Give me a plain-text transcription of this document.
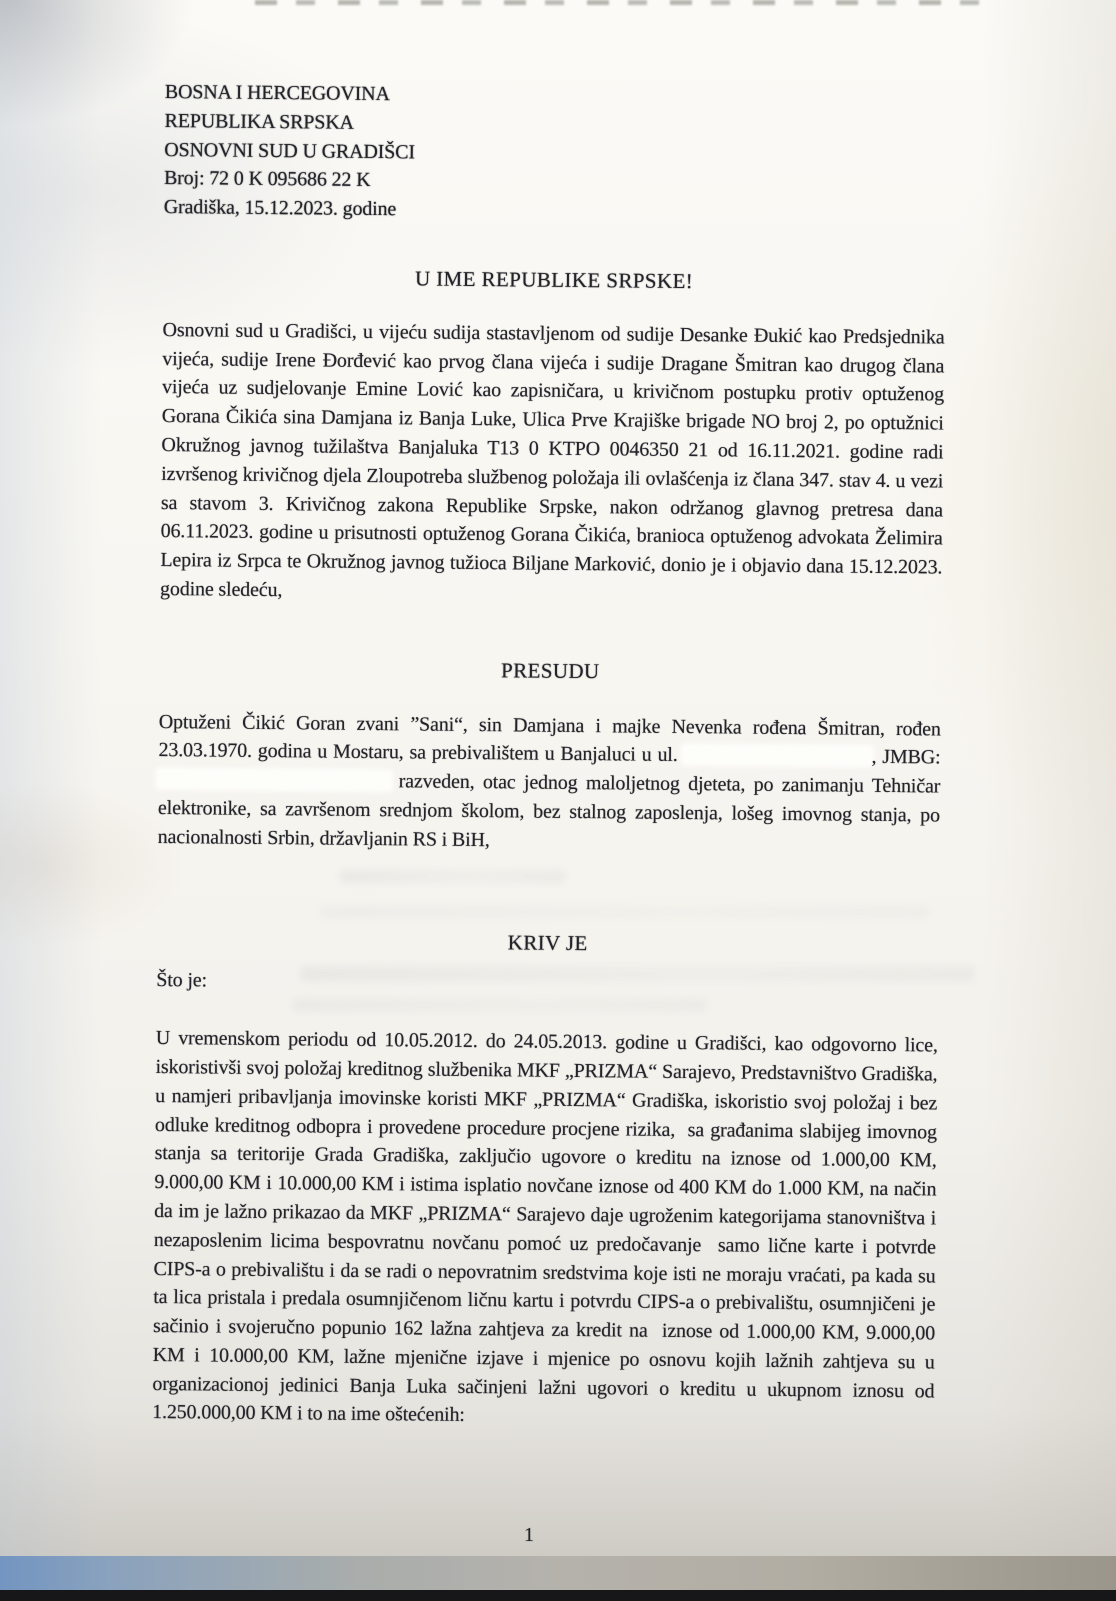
BOSNA I HERCEGOVINA
REPUBLIKA SRPSKA
OSNOVNI SUD U GRADIŠCI
Broj: 72 0 K 095686 22 K
Gradiška, 15.12.2023. godine
U IME REPUBLIKE SRPSKE!
Osnovni sud u Gradišci, u vijeću sudija stastavljenom od sudije Desanke Đukić kao Predsjednika vijeća, sudije Irene Đorđević kao prvog člana vijeća i sudije Dragane Šmitran kao drugog člana vijeća uz sudjelovanje Emine Lović kao zapisničara, u krivičnom postupku protiv optuženog Gorana Čikića sina Damjana iz Banja Luke, Ulica Prve Krajiške brigade NO broj 2, po optužnici Okružnog javnog tužilaštva Banjaluka T13 0 KTPO 0046350 21 od 16.11.2021. godine radi izvršenog krivičnog djela Zloupotreba službenog položaja ili ovlašćenja iz člana 347. stav 4. u vezi sa stavom 3. Krivičnog zakona Republike Srpske, nakon održanog glavnog pretresa dana 06.11.2023. godine u prisutnosti optuženog Gorana Čikića, branioca optuženog advokata Želimira Lepira iz Srpca te Okružnog javnog tužioca Biljane Marković, donio je i objavio dana 15.12.2023. godine sledeću,
PRESUDU
Optuženi Čikić Goran zvani ”Sani“, sin Damjana i majke Nevenka rođena Šmitran, rođen 23.03.1970. godina u Mostaru, sa prebivalištem u Banjaluci u ul.	, JMBG:  razveden, otac jednog maloljetnog djeteta, po zanimanju Tehničar elektronike, sa završenom srednjom školom, bez stalnog zaposlenja, lošeg imovnog stanja, po nacionalnosti Srbin, državljanin RS i BiH,
KRIV JE
Što je:
U vremenskom periodu od 10.05.2012. do 24.05.2013. godine u Gradišci, kao odgovorno lice, iskoristivši svoj položaj kreditnog službenika MKF „PRIZMA“ Sarajevo, Predstavništvo Gradiška, u namjeri pribavljanja imovinske koristi MKF „PRIZMA“ Gradiška, iskoristio svoj položaj i bez odluke kreditnog odbopra i provedene procedure procjene rizika,  sa građanima slabijeg imovnog stanja sa teritorije Grada Gradiška, zaključio ugovore o kreditu na iznose od 1.000,00 KM, 9.000,00 KM i 10.000,00 KM i istima isplatio novčane iznose od 400 KM do 1.000 KM, na način da im je lažno prikazao da MKF „PRIZMA“ Sarajevo daje ugroženim kategorijama stanovništva i nezaposlenim licima bespovratnu novčanu pomoć uz predočavanje  samo lične karte i potvrde CIPS-a o prebivalištu i da se radi o nepovratnim sredstvima koje isti ne moraju vraćati, pa kada su ta lica pristala i predala osumnjičenom ličnu kartu i potvrdu CIPS-a o prebivalištu, osumnjičeni je  sačinio i svojeručno popunio 162 lažna zahtjeva za kredit na  iznose od 1.000,00 KM, 9.000,00 KM i 10.000,00 KM, lažne mjenične izjave i mjenice po osnovu kojih lažnih zahtjeva su u organizacionoj jedinici Banja Luka sačinjeni lažni ugovori o kreditu u ukupnom iznosu od 1.250.000,00 KM i to na ime oštećenih:
1
